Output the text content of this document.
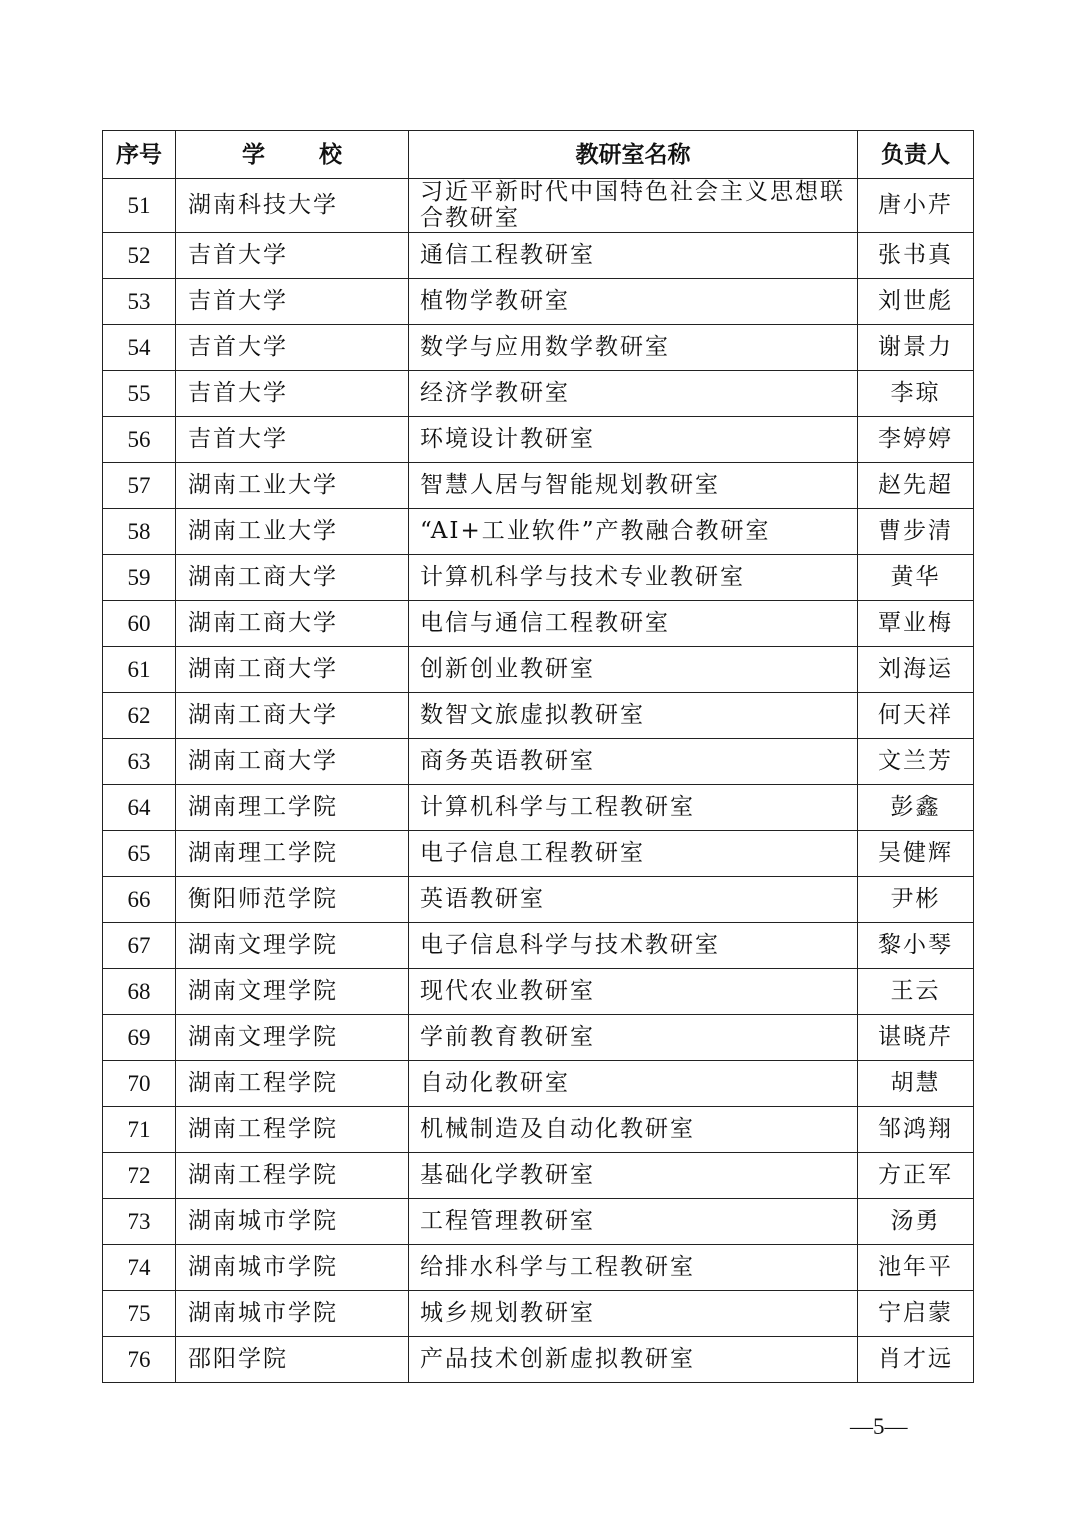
序号	学校	教研室名称	负责人
51	湖南科技大学	习近平新时代中国特色社会主义思想联合教研室	唐小芹
52	吉首大学	通信工程教研室	张书真
53	吉首大学	植物学教研室	刘世彪
54	吉首大学	数学与应用数学教研室	谢景力
55	吉首大学	经济学教研室	李琼
56	吉首大学	环境设计教研室	李婷婷
57	湖南工业大学	智慧人居与智能规划教研室	赵先超
58	湖南工业大学	“AI+工业软件”产教融合教研室	曹步清
59	湖南工商大学	计算机科学与技术专业教研室	黄华
60	湖南工商大学	电信与通信工程教研室	覃业梅
61	湖南工商大学	创新创业教研室	刘海运
62	湖南工商大学	数智文旅虚拟教研室	何天祥
63	湖南工商大学	商务英语教研室	文兰芳
64	湖南理工学院	计算机科学与工程教研室	彭鑫
65	湖南理工学院	电子信息工程教研室	吴健辉
66	衡阳师范学院	英语教研室	尹彬
67	湖南文理学院	电子信息科学与技术教研室	黎小琴
68	湖南文理学院	现代农业教研室	王云
69	湖南文理学院	学前教育教研室	谌晓芹
70	湖南工程学院	自动化教研室	胡慧
71	湖南工程学院	机械制造及自动化教研室	邹鸿翔
72	湖南工程学院	基础化学教研室	方正军
73	湖南城市学院	工程管理教研室	汤勇
74	湖南城市学院	给排水科学与工程教研室	池年平
75	湖南城市学院	城乡规划教研室	宁启蒙
76	邵阳学院	产品技术创新虚拟教研室	肖才远
—5—
